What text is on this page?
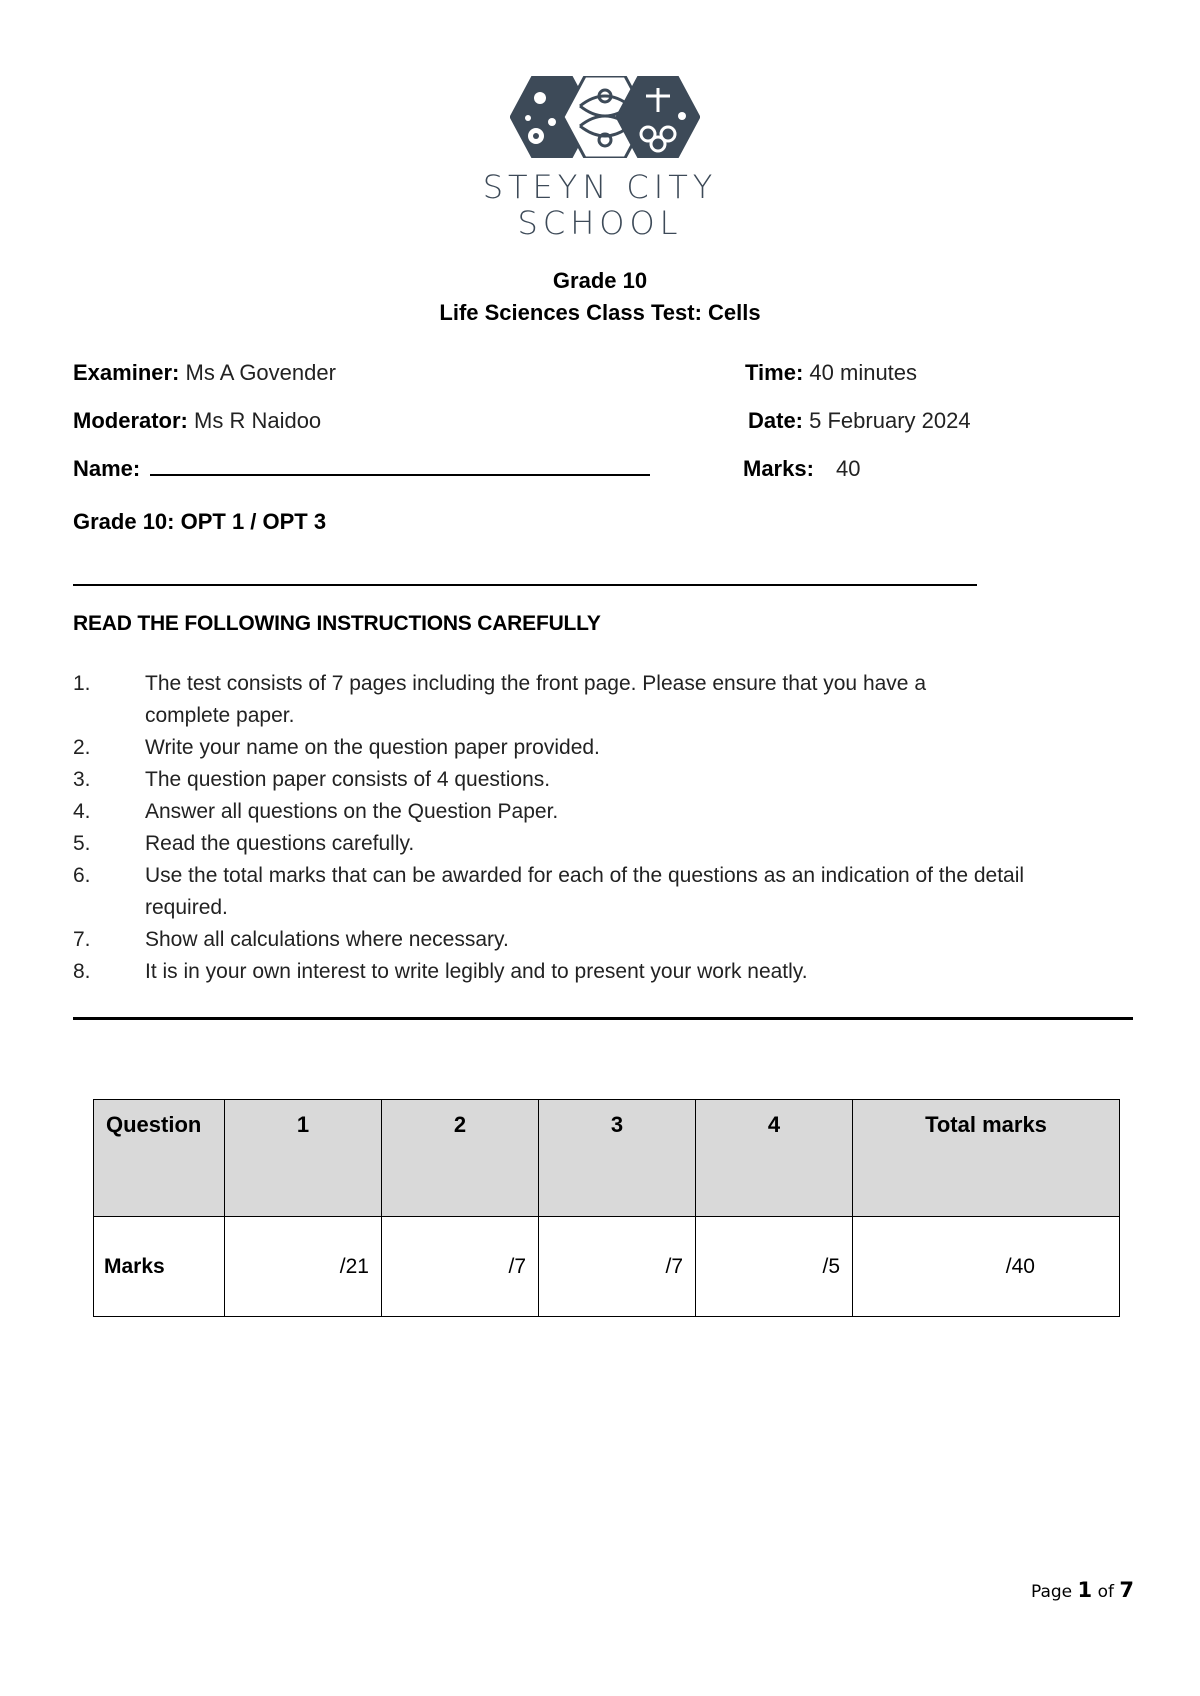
STEYN CITY
SCHOOL
Grade 10
Life Sciences Class Test: Cells
Examiner: Ms A Govender	Time: 40 minutes
Moderator: Ms R Naidoo	Date: 5 February 2024
Name:	Marks: 40
Grade 10: OPT 1 / OPT 3
READ THE FOLLOWING INSTRUCTIONS CAREFULLY
1.	The test consists of 7 pages including the front page. Please ensure that you have a complete paper.
2.	Write your name on the question paper provided.
3.	The question paper consists of 4 questions.
4.	Answer all questions on the Question Paper.
5.	Read the questions carefully.
6.	Use the total marks that can be awarded for each of the questions as an indication of the detail required.
7.	Show all calculations where necessary.
8.	It is in your own interest to write legibly and to present your work neatly.
Question	1	2	3	4	Total marks
Marks	/21	/7	/7	/5	/40
Page 1 of 7
